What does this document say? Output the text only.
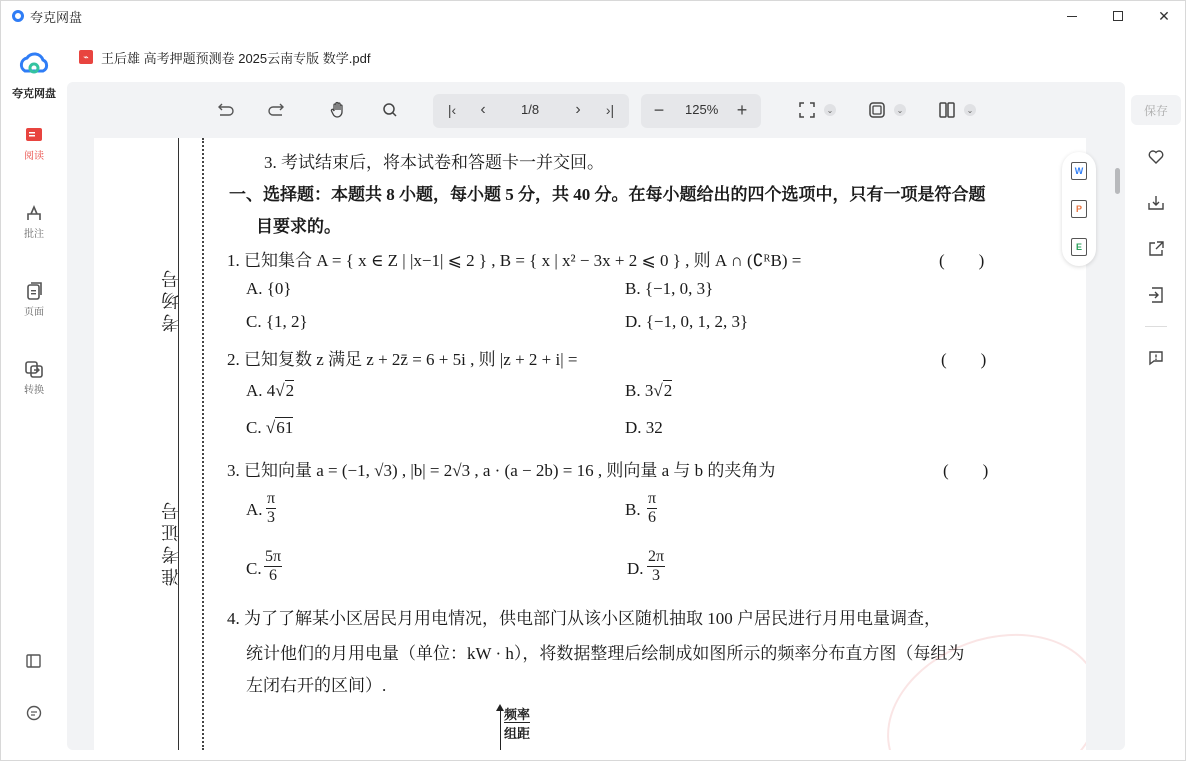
夸克网盘	✕
夸克网盘
阅读
批注
页面
转换
⌁ 王后雄 高考押题预测卷 2025云南专版 数学.pdf
|‹ ‹	1/8 › ›| − 125% +	⌄	⌄	⌄
考场号
准考证号
3. 考试结束后，将本试卷和答题卡一并交回。
一、选择题：本题共 8 小题，每小题 5 分，共 40 分。在每小题给出的四个选项中，只有一项是符合题
目要求的。
1. 已知集合 A = { x ∈ Z | |x−1| ⩽ 2 } , B = { x | x² − 3x + 2 ⩽ 0 } , 则 A ∩ (∁ᴿB) =	(　　)
A. {0}	B. {−1, 0, 3}
C. {1, 2}	D. {−1, 0, 1, 2, 3}
2. 已知复数 z 满足 z + 2z̄ = 6 + 5i , 则 |z + 2 + i| =	(　　)
A. 4√2	B. 3√2
C. √61	D. 32
3. 已知向量 a = (−1, √3) , |b| = 2√3 , a · (a − 2b) = 16 , 则向量 a 与 b 的夹角为	(　　)
A. $\frac{\pi}{3}$	B. $\frac{\pi}{6}$
C. $\frac{5\pi}{6}$	D. $\frac{2\pi}{3}$
4. 为了了解某小区居民月用电情况，供电部门从该小区随机抽取 100 户居民进行月用电量调查，
统计他们的月用电量（单位：kW · h），将数据整理后绘制成如图所示的频率分布直方图（每组为
左闭右开的区间）.
频率
组距
W
P
E
保存
